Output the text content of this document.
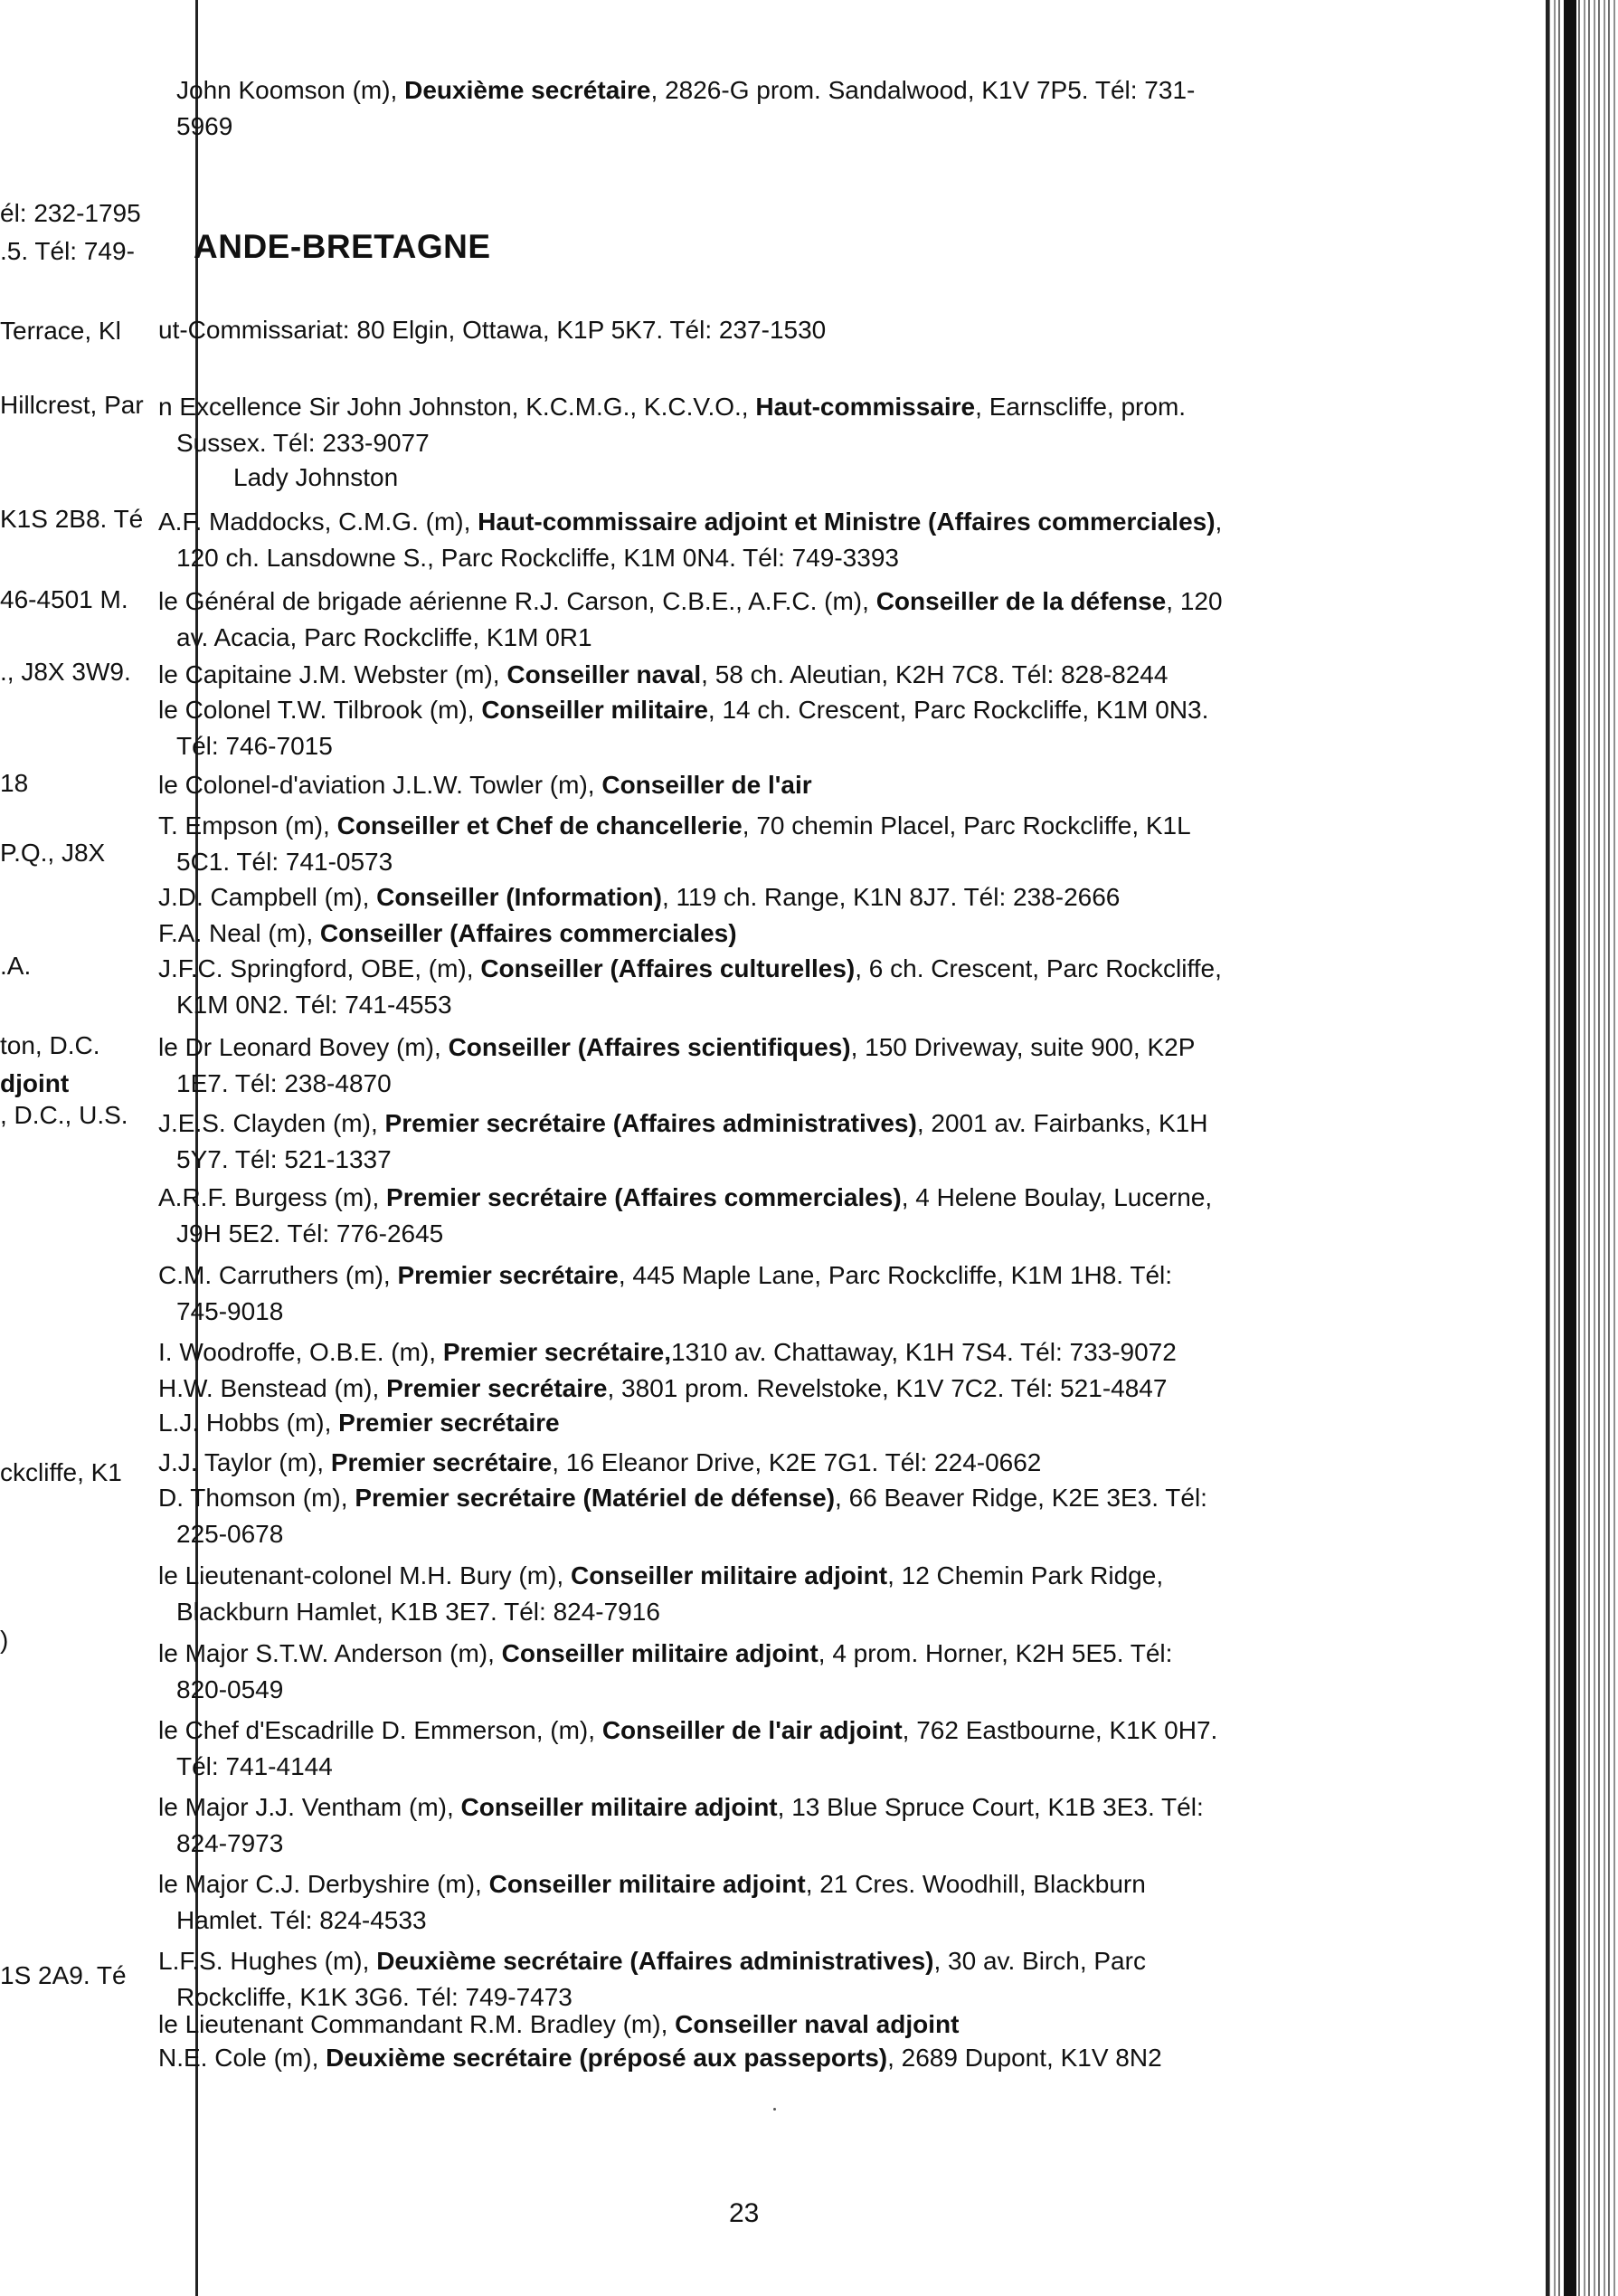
él: 232-1795
.5. Tél: 749-
Terrace, Kl
Hillcrest, Par
K1S 2B8. Té
46-4501 M.
., J8X 3W9.
18
P.Q., J8X
.A.
ton, D.C.
djoint
, D.C., U.S.
ckcliffe, K1
)
1S 2A9. Té
ANDE-BRETAGNE
John Koomson (m), Deuxième secrétaire, 2826-G prom. Sandalwood, K1V 7P5. Tél: 731-
5969
ut-Commissariat: 80 Elgin, Ottawa, K1P 5K7. Tél: 237-1530
n Excellence Sir John Johnston, K.C.M.G., K.C.V.O., Haut-commissaire, Earnscliffe, prom.
Sussex. Tél: 233-9077
Lady Johnston
A.F. Maddocks, C.M.G. (m), Haut-commissaire adjoint et Ministre (Affaires commerciales),
120 ch. Lansdowne S., Parc Rockcliffe, K1M 0N4. Tél: 749-3393
le Général de brigade aérienne R.J. Carson, C.B.E., A.F.C. (m), Conseiller de la défense, 120
av. Acacia, Parc Rockcliffe, K1M 0R1
le Capitaine J.M. Webster (m), Conseiller naval, 58 ch. Aleutian, K2H 7C8. Tél: 828-8244
le Colonel T.W. Tilbrook (m), Conseiller militaire, 14 ch. Crescent, Parc Rockcliffe, K1M 0N3.
Tél: 746-7015
le Colonel-d'aviation J.L.W. Towler (m), Conseiller de l'air
T. Empson (m), Conseiller et Chef de chancellerie, 70 chemin Placel, Parc Rockcliffe, K1L
5C1. Tél: 741-0573
J.D. Campbell (m), Conseiller (Information), 119 ch. Range, K1N 8J7. Tél: 238-2666
F.A. Neal (m), Conseiller (Affaires commerciales)
J.F.C. Springford, OBE, (m), Conseiller (Affaires culturelles), 6 ch. Crescent, Parc Rockcliffe,
K1M 0N2. Tél: 741-4553
le Dr Leonard Bovey (m), Conseiller (Affaires scientifiques), 150 Driveway, suite 900, K2P
1E7. Tél: 238-4870
J.E.S. Clayden (m), Premier secrétaire (Affaires administratives), 2001 av. Fairbanks, K1H
5Y7. Tél: 521-1337
A.R.F. Burgess (m), Premier secrétaire (Affaires commerciales), 4 Helene Boulay, Lucerne,
J9H 5E2. Tél: 776-2645
C.M. Carruthers (m), Premier secrétaire, 445 Maple Lane, Parc Rockcliffe, K1M 1H8. Tél:
745-9018
I. Woodroffe, O.B.E. (m), Premier secrétaire,1310 av. Chattaway, K1H 7S4. Tél: 733-9072
H.W. Benstead (m), Premier secrétaire, 3801 prom. Revelstoke, K1V 7C2. Tél: 521-4847
L.J. Hobbs (m), Premier secrétaire
J.J. Taylor (m), Premier secrétaire, 16 Eleanor Drive, K2E 7G1. Tél: 224-0662
D. Thomson (m), Premier secrétaire (Matériel de défense), 66 Beaver Ridge, K2E 3E3. Tél:
225-0678
le Lieutenant-colonel M.H. Bury (m), Conseiller militaire adjoint, 12 Chemin Park Ridge,
Blackburn Hamlet, K1B 3E7. Tél: 824-7916
le Major S.T.W. Anderson (m), Conseiller militaire adjoint, 4 prom. Horner, K2H 5E5. Tél:
820-0549
le Chef d'Escadrille D. Emmerson, (m), Conseiller de l'air adjoint, 762 Eastbourne, K1K 0H7.
Tél: 741-4144
le Major J.J. Ventham (m), Conseiller militaire adjoint, 13 Blue Spruce Court, K1B 3E3. Tél:
824-7973
le Major C.J. Derbyshire (m), Conseiller militaire adjoint, 21 Cres. Woodhill, Blackburn
Hamlet. Tél: 824-4533
L.F.S. Hughes (m), Deuxième secrétaire (Affaires administratives), 30 av. Birch, Parc
Rockcliffe, K1K 3G6. Tél: 749-7473
le Lieutenant Commandant R.M. Bradley (m), Conseiller naval adjoint
N.E. Cole (m), Deuxième secrétaire (préposé aux passeports), 2689 Dupont, K1V 8N2
23
